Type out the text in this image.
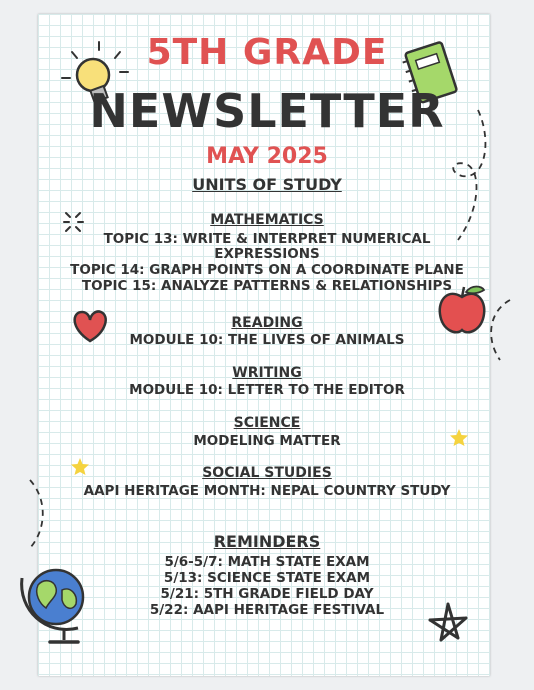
5TH GRADE
NEWSLETTER
MAY 2025
UNITS OF STUDY
MATHEMATICS
TOPIC 13: WRITE & INTERPRET NUMERICAL
EXPRESSIONS
TOPIC 14: GRAPH POINTS ON A COORDINATE PLANE
TOPIC 15: ANALYZE PATTERNS & RELATIONSHIPS
READING
MODULE 10: THE LIVES OF ANIMALS
WRITING
MODULE 10: LETTER TO THE EDITOR
SCIENCE
MODELING MATTER
SOCIAL STUDIES
AAPI HERITAGE MONTH: NEPAL COUNTRY STUDY
REMINDERS
5/6-5/7: MATH STATE EXAM
5/13: SCIENCE STATE EXAM
5/21: 5TH GRADE FIELD DAY
5/22: AAPI HERITAGE FESTIVAL
